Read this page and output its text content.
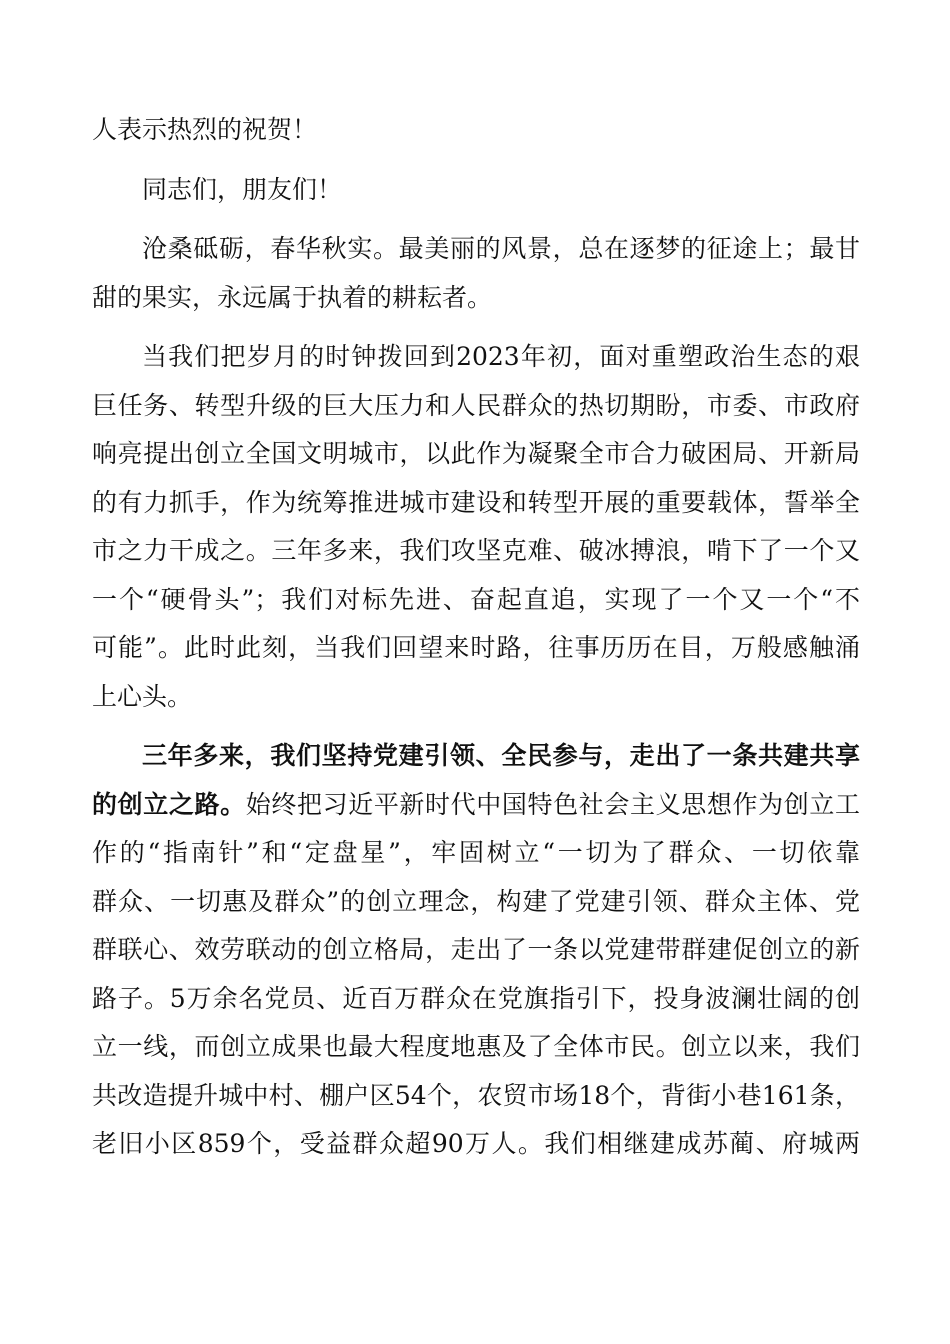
人表示热烈的祝贺！
同志们，朋友们！
沧桑砥砺，春华秋实。最美丽的风景，总在逐梦的征途上；最甘
甜的果实，永远属于执着的耕耘者。
当我们把岁月的时钟拨回到2023年初，面对重塑政治生态的艰
巨任务、转型升级的巨大压力和人民群众的热切期盼，市委、市政府
响亮提出创立全国文明城市，以此作为凝聚全市合力破困局、开新局
的有力抓手，作为统筹推进城市建设和转型开展的重要载体，誓举全
市之力干成之。三年多来，我们攻坚克难、破冰搏浪，啃下了一个又
一个“硬骨头”；我们对标先进、奋起直追，实现了一个又一个“不
可能”。此时此刻，当我们回望来时路，往事历历在目，万般感触涌
上心头。
三年多来，我们坚持党建引领、全民参与，走出了一条共建共享
的创立之路。始终把习近平新时代中国特色社会主义思想作为创立工
作的“指南针”和“定盘星”，牢固树立“一切为了群众、一切依靠
群众、一切惠及群众”的创立理念，构建了党建引领、群众主体、党
群联心、效劳联动的创立格局，走出了一条以党建带群建促创立的新
路子。5万余名党员、近百万群众在党旗指引下，投身波澜壮阔的创
立一线，而创立成果也最大程度地惠及了全体市民。创立以来，我们
共改造提升城中村、棚户区54个，农贸市场18个，背街小巷161条，
老旧小区859个，受益群众超90万人。我们相继建成苏蔺、府城两
